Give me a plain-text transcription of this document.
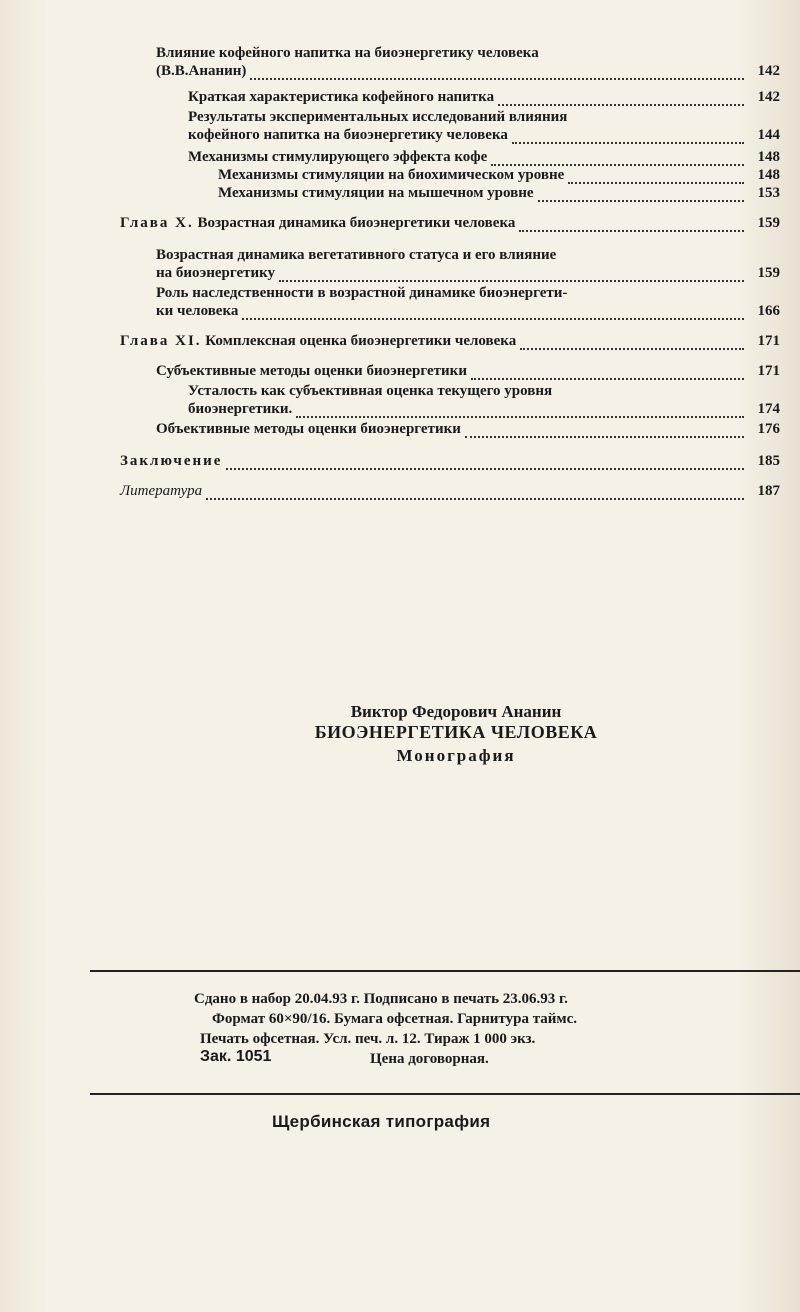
Влияние кофейного напитка на биоэнергетику человека
(В.В.Ананин)	142
Краткая характеристика кофейного напитка	142
Результаты экспериментальных исследований влияния
кофейного напитка на биоэнергетику человека	144
Механизмы стимулирующего эффекта кофе	148
Механизмы стимуляции на биохимическом уровне	148
Механизмы стимуляции на мышечном уровне	153
Глава X. Возрастная динамика биоэнергетики человека	159
Возрастная динамика вегетативного статуса и его влияние
на биоэнергетику	159
Роль наследственности в возрастной динамике биоэнергети-
ки человека	166
Глава XI. Комплексная оценка биоэнергетики человека	171
Субъективные методы оценки биоэнергетики	171
Усталость как субъективная оценка текущего уровня
биоэнергетики.	174
Объективные методы оценки биоэнергетики	176
Заключение	185
Литература	187
Виктор Федорович Ананин
БИОЭНЕРГЕТИКА ЧЕЛОВЕКА
Монография
Сдано в набор 20.04.93 г. Подписано в печать 23.06.93 г.
Формат 60×90/16. Бумага офсетная. Гарнитура таймс.
Печать офсетная. Усл. печ. л. 12. Тираж 1 000 экз.
Цена договорная.
Зак. 1051
Щербинская типография
